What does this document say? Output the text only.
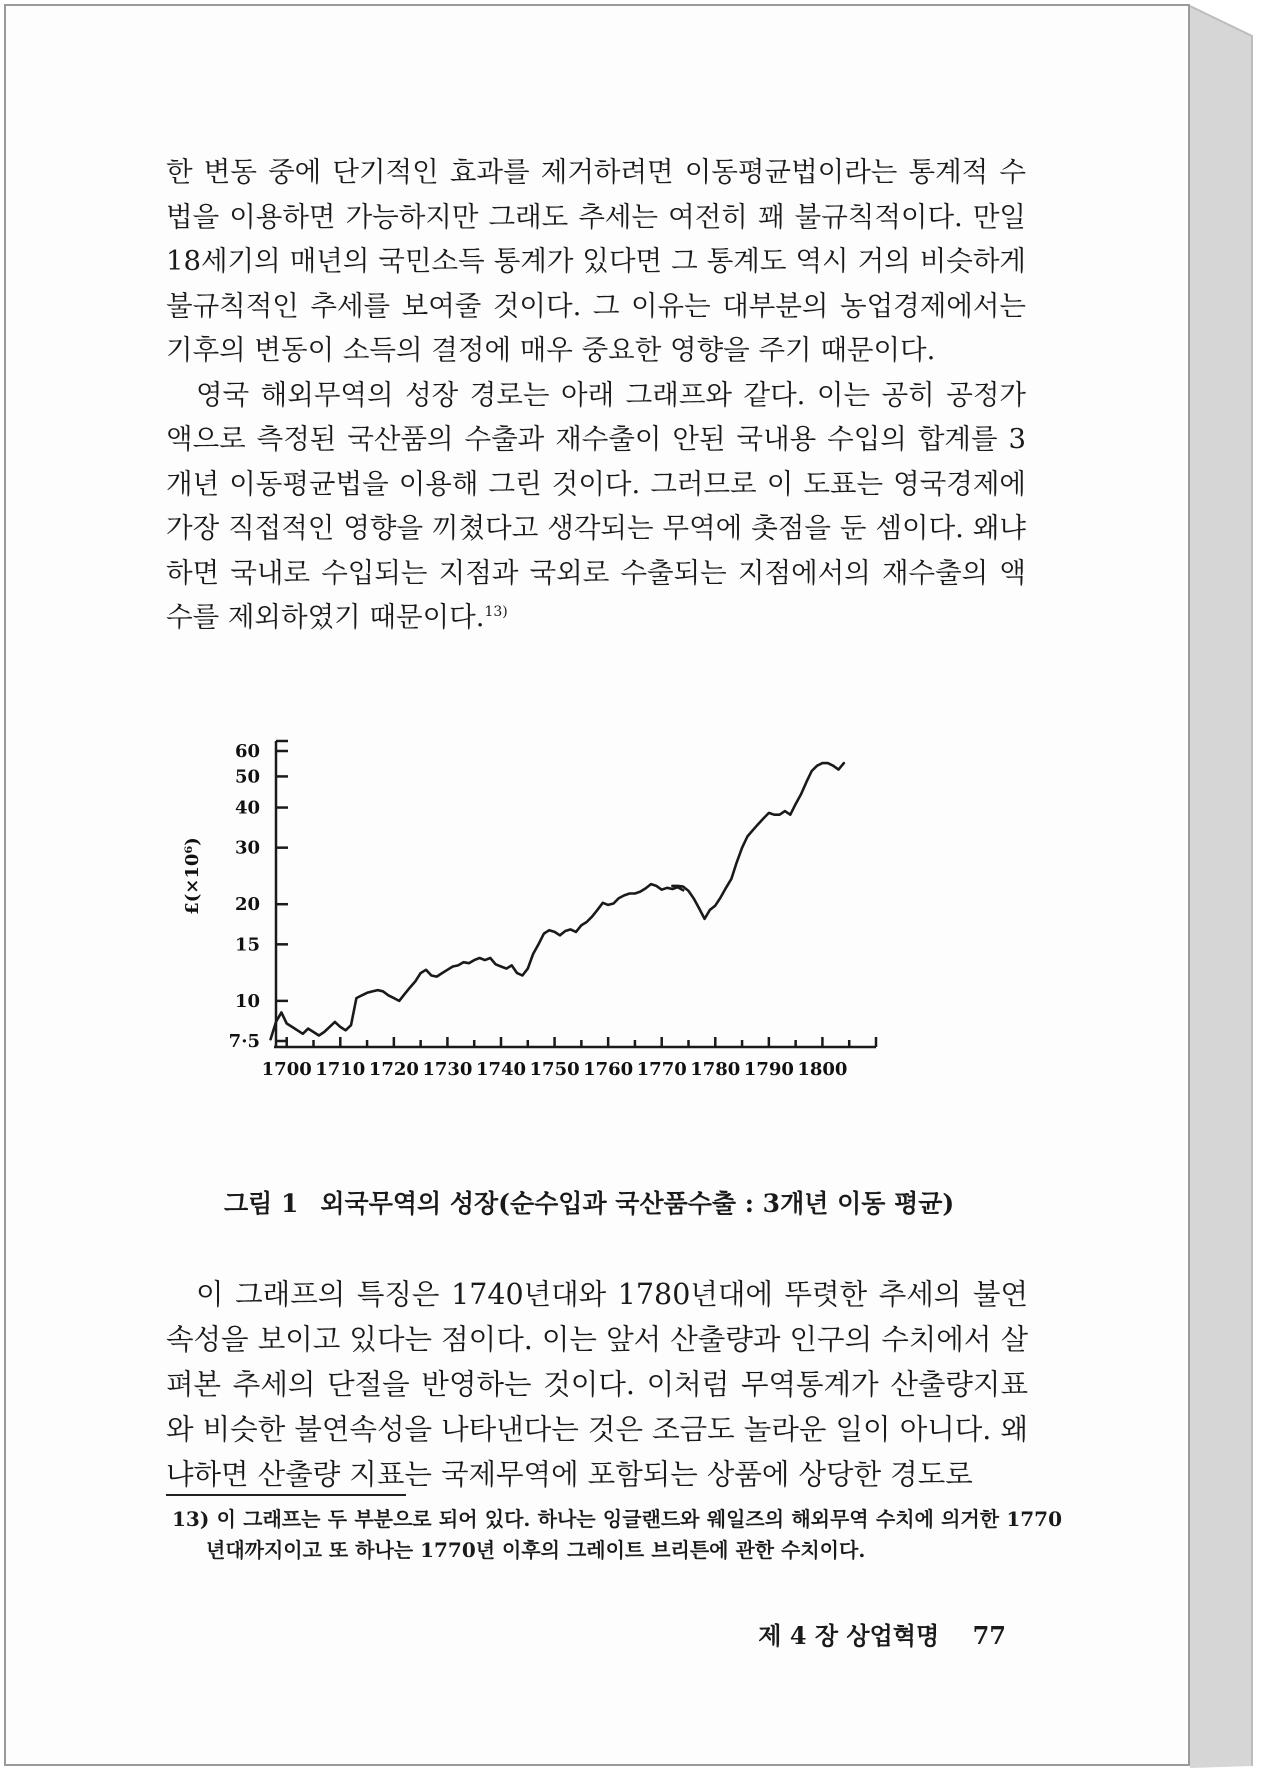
한 변동 중에 단기적인 효과를 제거하려면 이동평균법이라는 통계적 수법을 이용하면 가능하지만 그래도 추세는 여전히 꽤 불규칙적이다. 만일 18세기의 매년의 국민소득 통계가 있다면 그 통계도 역시 거의 비슷하게 불규칙적인 추세를 보여줄 것이다. 그 이유는 대부분의 농업경제에서는 기후의 변동이 소득의 결정에 매우 중요한 영향을 주기 때문이다.

영국 해외무역의 성장 경로는 아래 그래프와 같다. 이는 공히 공정가액으로 측정된 국산품의 수출과 재수출이 안된 국내용 수입의 합계를 3개년 이동평균법을 이용해 그린 것이다. 그러므로 이 도표는 영국경제에 가장 직접적인 영향을 끼쳤다고 생각되는 무역에 촛점을 둔 셈이다. 왜냐하면 국내로 수입되는 지점과 국외로 수출되는 지점에서의 재수출의 액수를 제외하였기 때문이다.$^{13)}$

7·5
10
15
20
30
40
50
60
1700 1710 1720 1730 1740 1750 1760 1770 1780 1790 1800
£(×10⁶)
그림 1 외국무역의 성장(순수입과 국산품수출 : 3개년 이동 평균)

이 그래프의 특징은 1740년대와 1780년대에 뚜렷한 추세의 불연속성을 보이고 있다는 점이다. 이는 앞서 산출량과 인구의 수치에서 살펴본 추세의 단절을 반영하는 것이다. 이처럼 무역통계가 산출량지표와 비슷한 불연속성을 나타낸다는 것은 조금도 놀라운 일이 아니다. 왜냐하면 산출량 지표는 국제무역에 포함되는 상품에 상당한 경도로

13) 이 그래프는 두 부분으로 되어 있다. 하나는 잉글랜드와 웨일즈의 해외무역 수치에 의거한 1770년대까지이고 또 하나는 1770년 이후의 그레이트 브리튼에 관한 수치이다.
제 4 장 상업혁명 77
